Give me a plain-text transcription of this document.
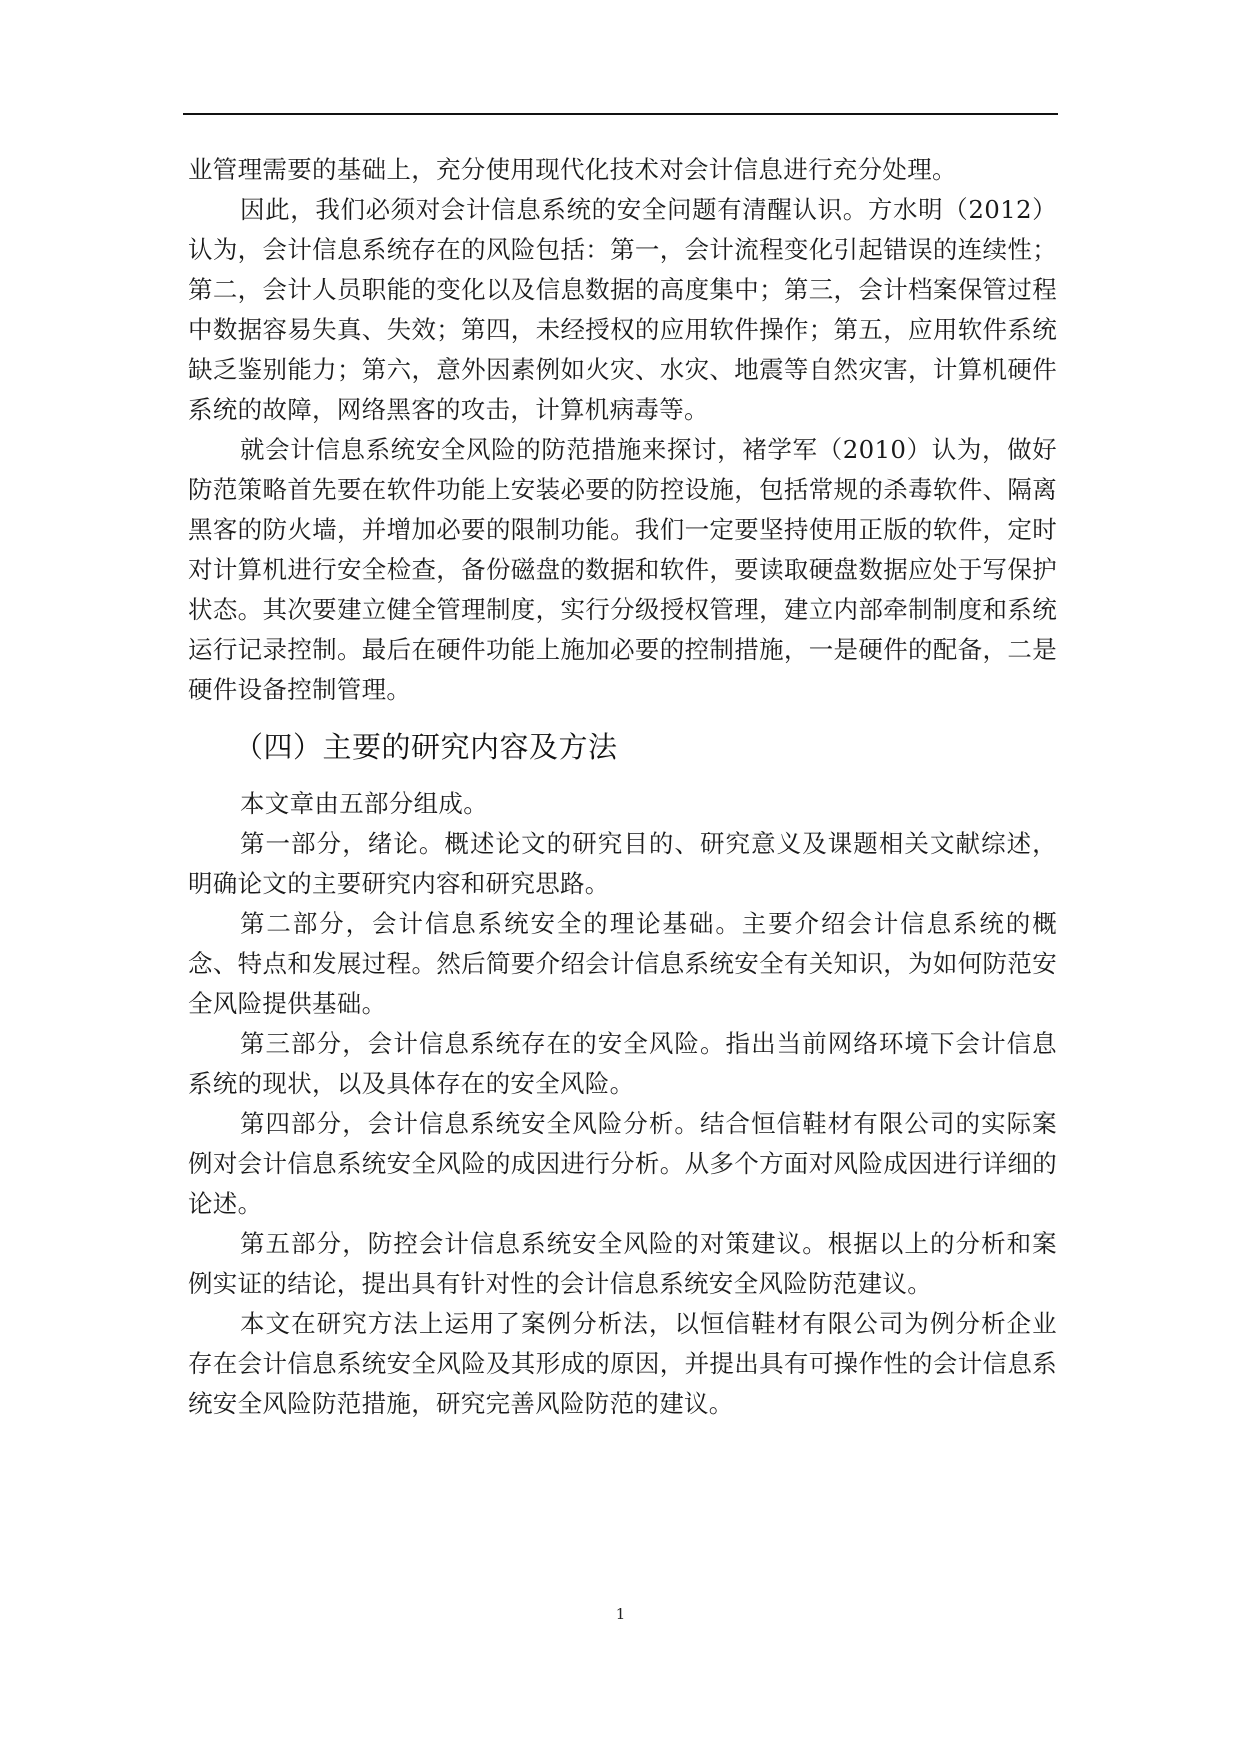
业管理需要的基础上，充分使用现代化技术对会计信息进行充分处理。

因此，我们必须对会计信息系统的安全问题有清醒认识。方水明（2012）认为，会计信息系统存在的风险包括：第一，会计流程变化引起错误的连续性；第二，会计人员职能的变化以及信息数据的高度集中；第三，会计档案保管过程中数据容易失真、失效；第四，未经授权的应用软件操作；第五，应用软件系统缺乏鉴别能力；第六，意外因素例如火灾、水灾、地震等自然灾害，计算机硬件系统的故障，网络黑客的攻击，计算机病毒等。

就会计信息系统安全风险的防范措施来探讨，褚学军（2010）认为，做好防范策略首先要在软件功能上安装必要的防控设施，包括常规的杀毒软件、隔离黑客的防火墙，并增加必要的限制功能。我们一定要坚持使用正版的软件，定时对计算机进行安全检查，备份磁盘的数据和软件，要读取硬盘数据应处于写保护状态。其次要建立健全管理制度，实行分级授权管理，建立内部牵制制度和系统运行记录控制。最后在硬件功能上施加必要的控制措施，一是硬件的配备，二是硬件设备控制管理。

（四）主要的研究内容及方法

本文章由五部分组成。

第一部分，绪论。概述论文的研究目的、研究意义及课题相关文献综述，明确论文的主要研究内容和研究思路。

第二部分，会计信息系统安全的理论基础。主要介绍会计信息系统的概念、特点和发展过程。然后简要介绍会计信息系统安全有关知识，为如何防范安全风险提供基础。

第三部分，会计信息系统存在的安全风险。指出当前网络环境下会计信息系统的现状，以及具体存在的安全风险。

第四部分，会计信息系统安全风险分析。结合恒信鞋材有限公司的实际案例对会计信息系统安全风险的成因进行分析。从多个方面对风险成因进行详细的论述。

第五部分，防控会计信息系统安全风险的对策建议。根据以上的分析和案例实证的结论，提出具有针对性的会计信息系统安全风险防范建议。

本文在研究方法上运用了案例分析法，以恒信鞋材有限公司为例分析企业存在会计信息系统安全风险及其形成的原因，并提出具有可操作性的会计信息系统安全风险防范措施，研究完善风险防范的建议。

1
